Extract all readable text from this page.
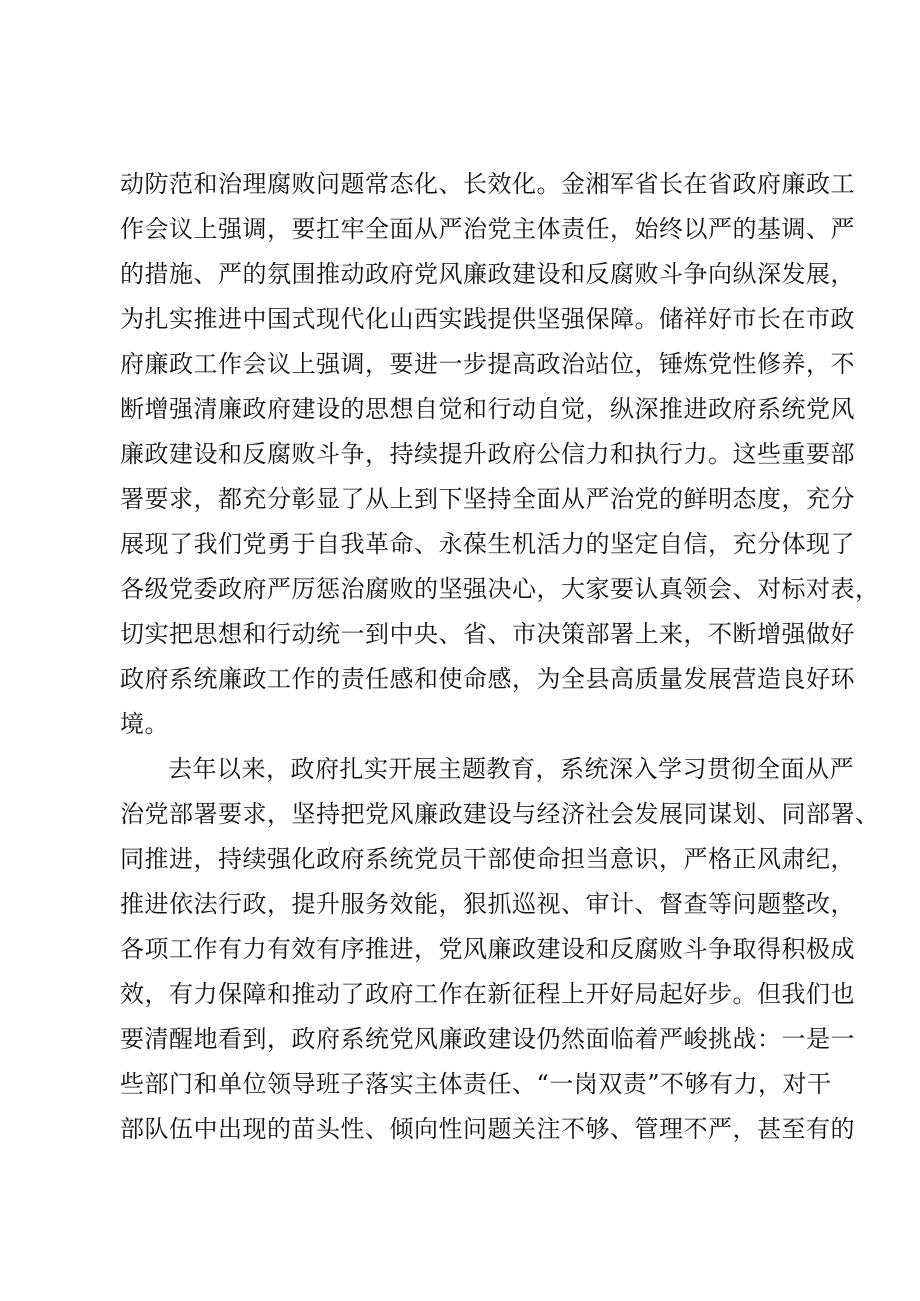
动防范和治理腐败问题常态化、长效化。金湘军省长在省政府廉政工
作会议上强调，要扛牢全面从严治党主体责任，始终以严的基调、严
的措施、严的氛围推动政府党风廉政建设和反腐败斗争向纵深发展，
为扎实推进中国式现代化山西实践提供坚强保障。储祥好市长在市政
府廉政工作会议上强调，要进一步提高政治站位，锤炼党性修养，不
断增强清廉政府建设的思想自觉和行动自觉，纵深推进政府系统党风
廉政建设和反腐败斗争，持续提升政府公信力和执行力。这些重要部
署要求，都充分彰显了从上到下坚持全面从严治党的鲜明态度，充分
展现了我们党勇于自我革命、永葆生机活力的坚定自信，充分体现了
各级党委政府严厉惩治腐败的坚强决心，大家要认真领会、对标对表，
切实把思想和行动统一到中央、省、市决策部署上来，不断增强做好
政府系统廉政工作的责任感和使命感，为全县高质量发展营造良好环
境。
去年以来，政府扎实开展主题教育，系统深入学习贯彻全面从严
治党部署要求，坚持把党风廉政建设与经济社会发展同谋划、同部署、
同推进，持续强化政府系统党员干部使命担当意识，严格正风肃纪，
推进依法行政，提升服务效能，狠抓巡视、审计、督查等问题整改，
各项工作有力有效有序推进，党风廉政建设和反腐败斗争取得积极成
效，有力保障和推动了政府工作在新征程上开好局起好步。但我们也
要清醒地看到，政府系统党风廉政建设仍然面临着严峻挑战：一是一
些部门和单位领导班子落实主体责任、“一岗双责”不够有力，对干
部队伍中出现的苗头性、倾向性问题关注不够、管理不严，甚至有的
